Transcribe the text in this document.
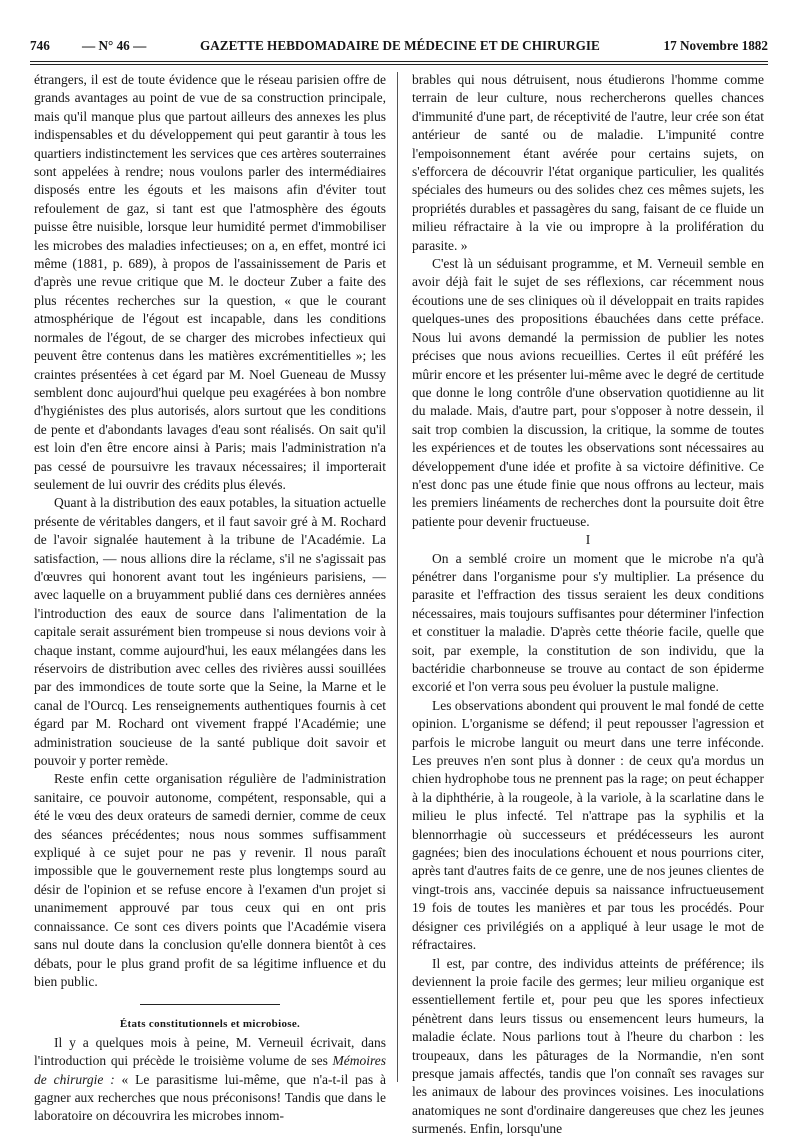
746 — N° 46 —	GAZETTE HEBDOMADAIRE DE MÉDECINE ET DE CHIRURGIE	17 Novembre 1882

étrangers, il est de toute évidence que le réseau parisien offre de grands avantages au point de vue de sa construction principale, mais qu'il manque plus que partout ailleurs des annexes les plus indispensables et du développement qui peut garantir à tous les quartiers indistinctement les services que ces artères souterraines sont appelées à rendre; nous voulons parler des intermédiaires disposés entre les égouts et les maisons afin d'éviter tout refoulement de gaz, si tant est que l'atmosphère des égouts puisse être nuisible, lorsque leur humidité permet d'immobiliser les microbes des maladies infectieuses; on a, en effet, montré ici même (1881, p. 689), à propos de l'assainissement de Paris et d'après une revue critique que M. le docteur Zuber a faite des plus récentes recherches sur la question, « que le courant atmosphérique de l'égout est incapable, dans les conditions normales de l'égout, de se charger des microbes infectieux qui peuvent être contenus dans les matières excrémentitielles »; les craintes présentées à cet égard par M. Noel Gueneau de Mussy semblent donc aujourd'hui quelque peu exagérées à bon nombre d'hygiénistes des plus autorisés, alors surtout que les conditions de pente et d'abondants lavages d'eau sont réalisés. On sait qu'il est loin d'en être encore ainsi à Paris; mais l'administration n'a pas cessé de poursuivre les travaux nécessaires; il importerait seulement de lui ouvrir des crédits plus élevés.

Quant à la distribution des eaux potables, la situation actuelle présente de véritables dangers, et il faut savoir gré à M. Rochard de l'avoir signalée hautement à la tribune de l'Académie. La satisfaction, — nous allions dire la réclame, s'il ne s'agissait pas d'œuvres qui honorent avant tout les ingénieurs parisiens, — avec laquelle on a bruyamment publié dans ces dernières années l'introduction des eaux de source dans l'alimentation de la capitale serait assurément bien trompeuse si nous devions voir à chaque instant, comme aujourd'hui, les eaux mélangées dans les réservoirs de distribution avec celles des rivières aussi souillées par des immondices de toute sorte que la Seine, la Marne et le canal de l'Ourcq. Les renseignements authentiques fournis à cet égard par M. Rochard ont vivement frappé l'Académie; une administration soucieuse de la santé publique doit savoir et pouvoir y porter remède.

Reste enfin cette organisation régulière de l'administration sanitaire, ce pouvoir autonome, compétent, responsable, qui a été le vœu des deux orateurs de samedi dernier, comme de ceux des séances précédentes; nous nous sommes suffisamment expliqué à ce sujet pour ne pas y revenir. Il nous paraît impossible que le gouvernement reste plus longtemps sourd au désir de l'opinion et se refuse encore à l'examen d'un projet si unanimement approuvé par tous ceux qui en ont pris connaissance. Ce sont ces divers points que l'Académie visera sans nul doute dans la conclusion qu'elle donnera bientôt à ces débats, pour le plus grand profit de sa légitime influence et du bien public.

États constitutionnels et microbiose.

Il y a quelques mois à peine, M. Verneuil écrivait, dans l'introduction qui précède le troisième volume de ses Mémoires de chirurgie : « Le parasitisme lui-même, que n'a-t-il pas à gagner aux recherches que nous préconisons! Tandis que dans le laboratoire on découvrira les microbes innom-

brables qui nous détruisent, nous étudierons l'homme comme terrain de leur culture, nous rechercherons quelles chances d'immunité d'une part, de réceptivité de l'autre, leur crée son état antérieur de santé ou de maladie. L'impunité contre l'empoisonnement étant avérée pour certains sujets, on s'efforcera de découvrir l'état organique particulier, les qualités spéciales des humeurs ou des solides chez ces mêmes sujets, les propriétés durables et passagères du sang, faisant de ce fluide un milieu réfractaire à la vie ou impropre à la prolifération du parasite. »

C'est là un séduisant programme, et M. Verneuil semble en avoir déjà fait le sujet de ses réflexions, car récemment nous écoutions une de ses cliniques où il développait en traits rapides quelques-unes des propositions ébauchées dans cette préface. Nous lui avons demandé la permission de publier les notes précises que nous avions recueillies. Certes il eût préféré les mûrir encore et les présenter lui-même avec le degré de certitude que donne le long contrôle d'une observation quotidienne au lit du malade. Mais, d'autre part, pour s'opposer à notre dessein, il sait trop combien la discussion, la critique, la somme de toutes les expériences et de toutes les observations sont nécessaires au développement d'une idée et profite à sa victoire définitive. Ce n'est donc pas une étude finie que nous offrons au lecteur, mais les premiers linéaments de recherches dont la poursuite doit être patiente pour devenir fructueuse.

I

On a semblé croire un moment que le microbe n'a qu'à pénétrer dans l'organisme pour s'y multiplier. La présence du parasite et l'effraction des tissus seraient les deux conditions nécessaires, mais toujours suffisantes pour déterminer l'infection et constituer la maladie. D'après cette théorie facile, quelle que soit, par exemple, la constitution de son individu, que la bactéridie charbonneuse se trouve au contact de son épiderme excorié et l'on verra sous peu évoluer la pustule maligne.

Les observations abondent qui prouvent le mal fondé de cette opinion. L'organisme se défend; il peut repousser l'agression et parfois le microbe languit ou meurt dans une terre inféconde. Les preuves n'en sont plus à donner : de ceux qu'a mordus un chien hydrophobe tous ne prennent pas la rage; on peut échapper à la diphthérie, à la rougeole, à la variole, à la scarlatine dans le milieu le plus infecté. Tel n'attrape pas la syphilis et la blennorrhagie où successeurs et prédécesseurs les auront gagnées; bien des inoculations échouent et nous pourrions citer, après tant d'autres faits de ce genre, une de nos jeunes clientes de vingt-trois ans, vaccinée depuis sa naissance infructueusement 19 fois de toutes les manières et par tous les procédés. Pour désigner ces privilégiés on a appliqué à leur usage le mot de réfractaires.

Il est, par contre, des individus atteints de préférence; ils deviennent la proie facile des germes; leur milieu organique est essentiellement fertile et, pour peu que les spores infectieux pénètrent dans leurs tissus ou ensemencent leurs humeurs, la maladie éclate. Nous parlions tout à l'heure du charbon : les troupeaux, dans les pâturages de la Normandie, n'en sont presque jamais affectés, tandis que l'on connaît ses ravages sur les animaux de labour des provinces voisines. Les inoculations anatomiques ne sont d'ordinaire dangereuses que chez les jeunes surmenés. Enfin, lorsqu'une
